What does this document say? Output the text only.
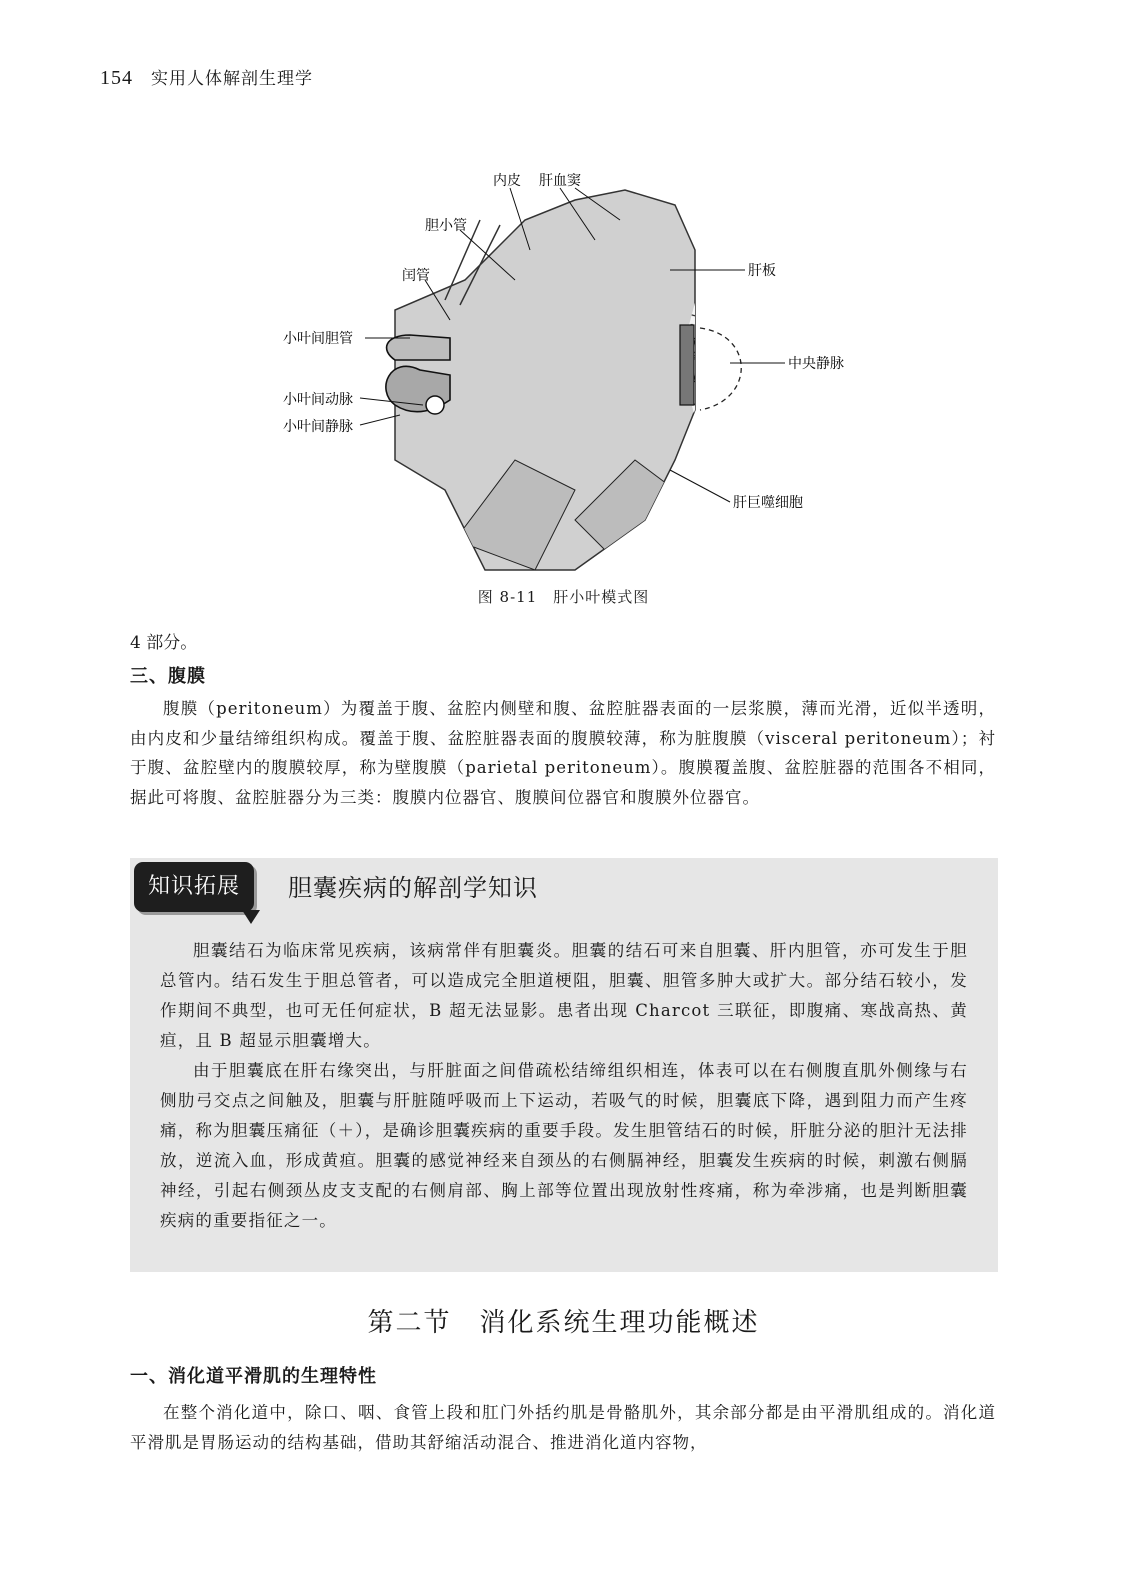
154 实用人体解剖生理学
内皮 肝血窦
胆小管
闰管	肝板
小叶间胆管
中央静脉
小叶间动脉
小叶间静脉
肝巨噬细胞
图 8-11　肝小叶模式图
4 部分。
三、腹膜

腹膜（peritoneum）为覆盖于腹、盆腔内侧壁和腹、盆腔脏器表面的一层浆膜，薄而光滑，近似半透明，由内皮和少量结缔组织构成。覆盖于腹、盆腔脏器表面的腹膜较薄，称为脏腹膜（visceral peritoneum）；衬于腹、盆腔壁内的腹膜较厚，称为壁腹膜（parietal peritoneum）。腹膜覆盖腹、盆腔脏器的范围各不相同，据此可将腹、盆腔脏器分为三类：腹膜内位器官、腹膜间位器官和腹膜外位器官。

知识拓展	胆囊疾病的解剖学知识

胆囊结石为临床常见疾病，该病常伴有胆囊炎。胆囊的结石可来自胆囊、肝内胆管，亦可发生于胆总管内。结石发生于胆总管者，可以造成完全胆道梗阻，胆囊、胆管多肿大或扩大。部分结石较小，发作期间不典型，也可无任何症状，B 超无法显影。患者出现 Charcot 三联征，即腹痛、寒战高热、黄疸，且 B 超显示胆囊增大。

由于胆囊底在肝右缘突出，与肝脏面之间借疏松结缔组织相连，体表可以在右侧腹直肌外侧缘与右侧肋弓交点之间触及，胆囊与肝脏随呼吸而上下运动，若吸气的时候，胆囊底下降，遇到阻力而产生疼痛，称为胆囊压痛征（＋），是确诊胆囊疾病的重要手段。发生胆管结石的时候，肝脏分泌的胆汁无法排放，逆流入血，形成黄疸。胆囊的感觉神经来自颈丛的右侧膈神经，胆囊发生疾病的时候，刺激右侧膈神经，引起右侧颈丛皮支支配的右侧肩部、胸上部等位置出现放射性疼痛，称为牵涉痛，也是判断胆囊疾病的重要指征之一。

第二节 消化系统生理功能概述
一、消化道平滑肌的生理特性

在整个消化道中，除口、咽、食管上段和肛门外括约肌是骨骼肌外，其余部分都是由平滑肌组成的。消化道平滑肌是胃肠运动的结构基础，借助其舒缩活动混合、推进消化道内容物，
